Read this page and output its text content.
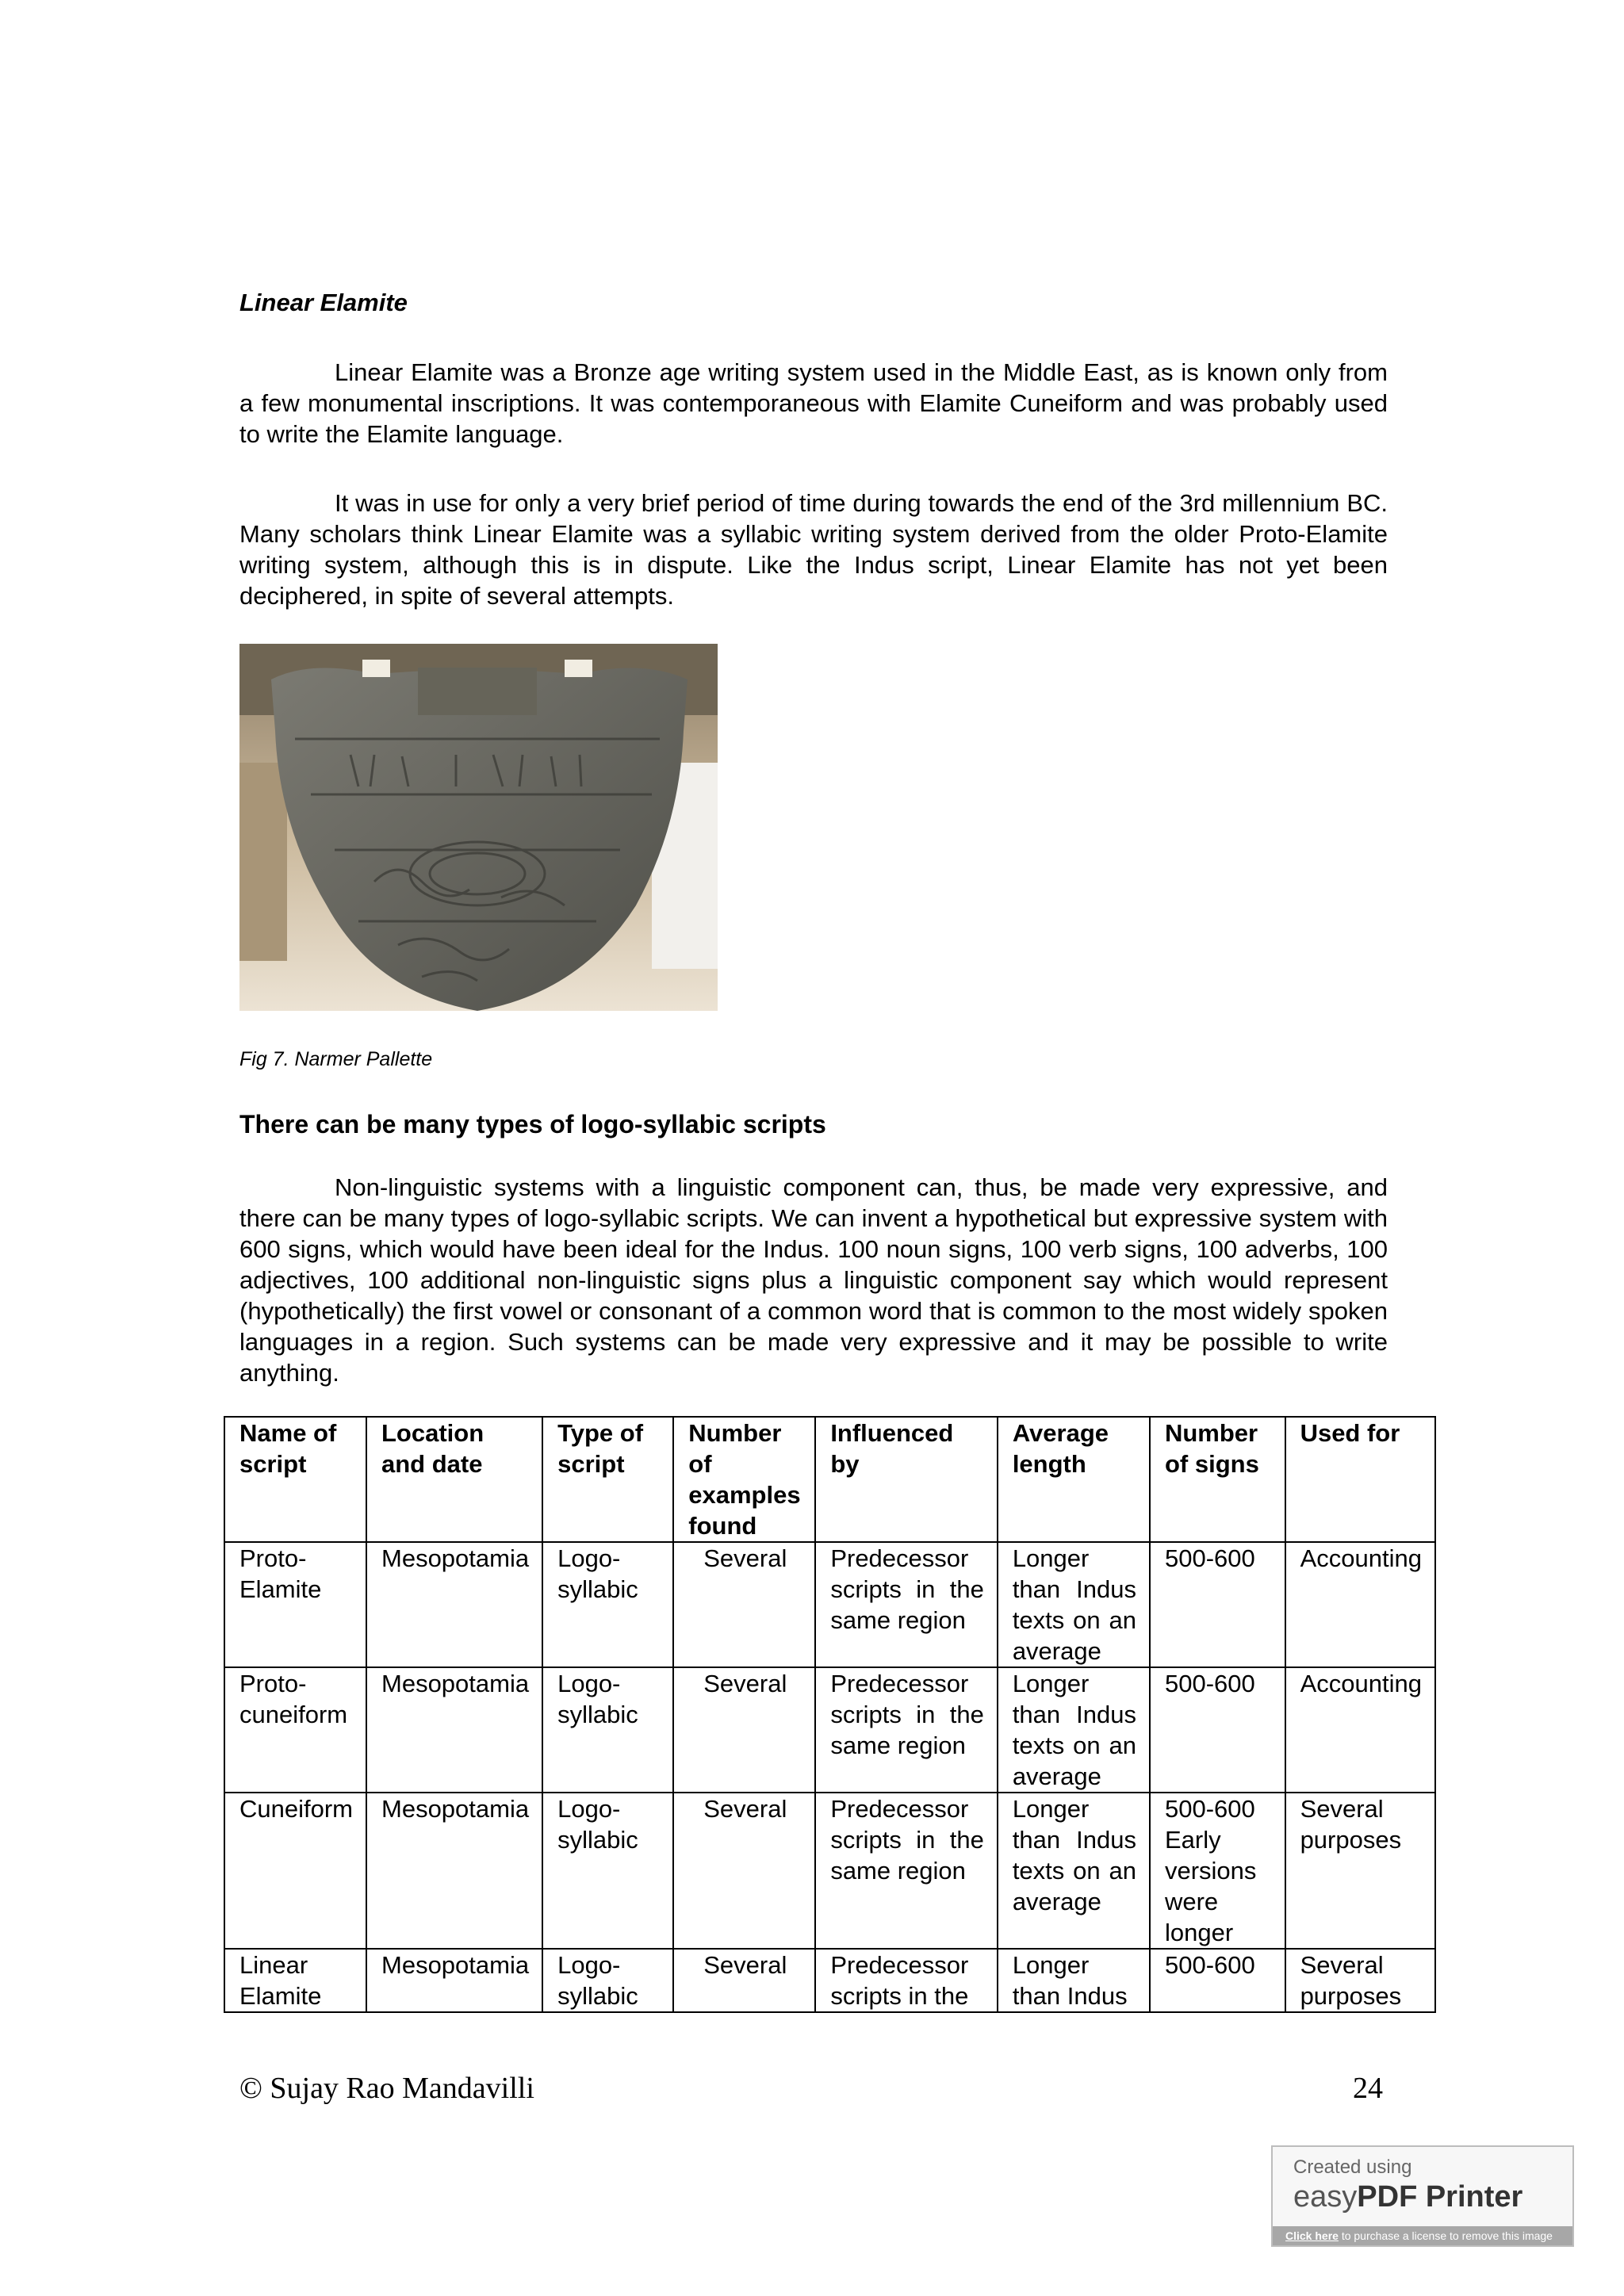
Linear Elamite
Linear Elamite was a Bronze age writing system used in the Middle East, as is known only from a few monumental inscriptions. It was contemporaneous with Elamite Cuneiform and was probably used to write the Elamite language.
It was in use for only a very brief period of time during towards the end of the 3rd millennium BC. Many scholars think Linear Elamite was a syllabic writing system derived from the older Proto-Elamite writing system, although this is in dispute. Like the Indus script, Linear Elamite has not yet been deciphered, in spite of several attempts.
Fig 7. Narmer Pallette
There can be many types of logo-syllabic scripts
Non-linguistic systems with a linguistic component can, thus, be made very expressive, and there can be many types of logo-syllabic scripts. We can invent a hypothetical but expressive system with 600 signs, which would have been ideal for the Indus. 100 noun signs, 100 verb signs, 100 adverbs, 100 adjectives, 100 additional non-linguistic signs plus a linguistic component say which would represent (hypothetically) the first vowel or consonant of a common word that is common to the most widely spoken languages in a region. Such systems can be made very expressive and it may be possible to write anything.
Name of script	Location and date	Type of script	Number of examples found	Influenced by	Average length	Number of signs	Used for
Proto-Elamite	Mesopotamia	Logo-syllabic	Several	Predecessor scripts in the same region	Longer than Indus texts on an average	500-600	Accounting
Proto-cuneiform	Mesopotamia	Logo-syllabic	Several	Predecessor scripts in the same region	Longer than Indus texts on an average	500-600	Accounting
Cuneiform	Mesopotamia	Logo-syllabic	Several	Predecessor scripts in the same region	Longer than Indus texts on an average	500-600 Early versions were longer	Several purposes
Linear Elamite	Mesopotamia	Logo-syllabic	Several	Predecessor scripts in the	Longer than Indus	500-600	Several purposes
© Sujay Rao Mandavilli	24
Created using
easyPDF Printer
Click here to purchase a license to remove this image
